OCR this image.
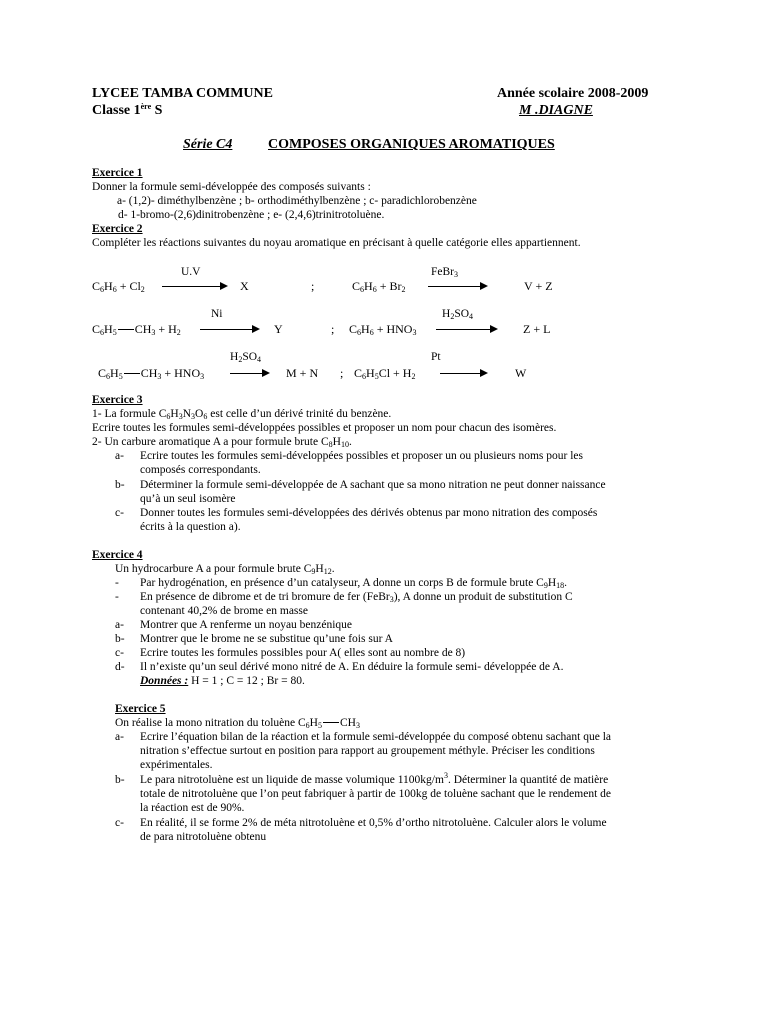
LYCEE TAMBA COMMUNE	Année scolaire 2008-2009
Classe 1ère S	M .DIAGNE
Série C4	COMPOSES ORGANIQUES AROMATIQUES
Exercice 1
Donner la formule semi-développée des composés suivants :
a- (1,2)- diméthylbenzène ; b- orthodiméthylbenzène ; c- paradichlorobenzène
d- 1-bromo-(2,6)dinitrobenzène ; e- (2,4,6)trinitrotoluène.
Exercice 2
Compléter les réactions suivantes du noyau aromatique en précisant à quelle catégorie elles appartiennent.
U.V
$C_6H_6 + Cl_2 \to X$	;
FeBr$_3$
$C_6H_6 + Br_2$ →	V + Z
Ni
$C_6H_5$ $CH_3 + H_2 \to Y$	;
$H_2SO_4$
$C_6H_6 + HNO_3 \to Z + L$
$H_2SO_4$
$C_6H_5$ $CH_3 + HNO_3 \to M + N$ ;
Pt
$C_6H_5Cl + H_2$	W
Exercice 3
1- La formule $C_6H_3N_3O_6$ est celle d’un dérivé trinité du benzène.
Ecrire toutes les formules semi-développées possibles et proposer un nom pour chacun des isomères.
2- Un carbure aromatique A a pour formule brute $C_8H_{10}$.
a- Ecrire toutes les formules semi-développées possibles et proposer un ou plusieurs noms pour les
composés correspondants.
b- Déterminer la formule semi-développée de A sachant que sa mono nitration ne peut donner naissance
qu’à un seul isomère
c- Donner toutes les formules semi-développées des dérivés obtenus par mono nitration des composés
écrits à la question a).
Exercice 4
Un hydrocarbure A a pour formule brute $C_9H_{12}$.
- Par hydrogénation, en présence d’un catalyseur, A donne un corps B de formule brute $C_9H_{18}$.
- En présence de dibrome et de tri bromure de fer (FeBr$_3$), A donne un produit de substitution C
contenant 40,2% de brome en masse
a- Montrer que A renferme un noyau benzénique
b- Montrer que le brome ne se substitue qu’une fois sur A
c- Ecrire toutes les formules possibles pour A( elles sont au nombre de 8)
d- Il n’existe qu’un seul dérivé mono nitré de A. En déduire la formule semi- développée de A.
Données : H = 1 ; C = 12 ; Br = 80.
Exercice 5
On réalise la mono nitration du toluène $C_6H_5$ $CH_3$
a- Ecrire l’équation bilan de la réaction et la formule semi-développée du composé obtenu sachant que la
nitration s’effectue surtout en position para rapport au groupement méthyle. Préciser les conditions
expérimentales.
b- Le para nitrotoluène est un liquide de masse volumique $1100kg/m^3$. Déterminer la quantité de matière
totale de nitrotoluène que l’on peut fabriquer à partir de 100kg de toluène sachant que le rendement de
la réaction est de 90%.
c- En réalité, il se forme 2% de méta nitrotoluène et 0,5% d’ortho nitrotoluène. Calculer alors le volume
de para nitrotoluène obtenu
